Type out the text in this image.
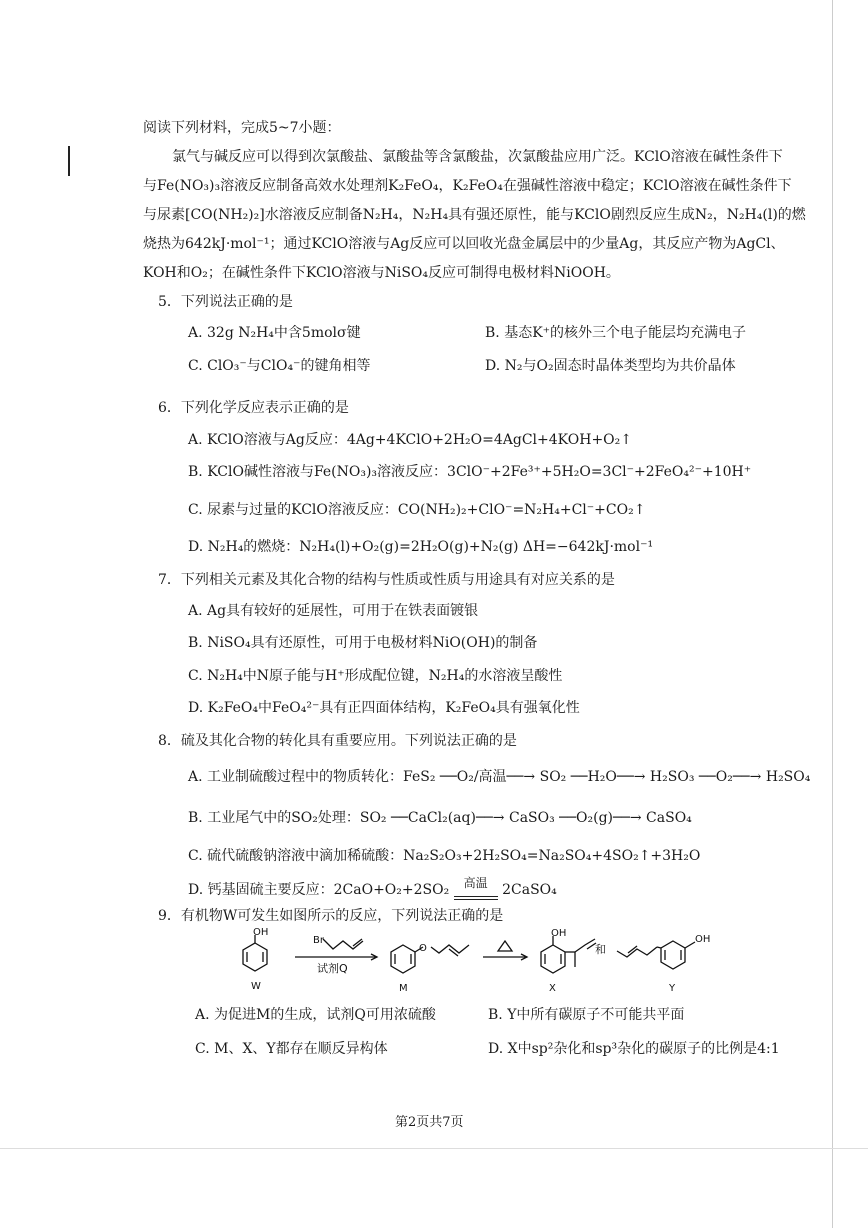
阅读下列材料，完成5~7小题：
氯气与碱反应可以得到次氯酸盐、氯酸盐等含氯酸盐，次氯酸盐应用广泛。KClO溶液在碱性条件下
与Fe(NO₃)₃溶液反应制备高效水处理剂K₂FeO₄，K₂FeO₄在强碱性溶液中稳定；KClO溶液在碱性条件下
与尿素[CO(NH₂)₂]水溶液反应制备N₂H₄，N₂H₄具有强还原性，能与KClO剧烈反应生成N₂，N₂H₄(l)的燃
烧热为642kJ·mol⁻¹；通过KClO溶液与Ag反应可以回收光盘金属层中的少量Ag，其反应产物为AgCl、
KOH和O₂；在碱性条件下KClO溶液与NiSO₄反应可制得电极材料NiOOH。
5．下列说法正确的是
A. 32g N₂H₄中含5molσ键	B. 基态K⁺的核外三个电子能层均充满电子
C. ClO₃⁻与ClO₄⁻的键角相等	D. N₂与O₂固态时晶体类型均为共价晶体
6．下列化学反应表示正确的是
A. KClO溶液与Ag反应：4Ag+4KClO+2H₂O=4AgCl+4KOH+O₂↑
B. KClO碱性溶液与Fe(NO₃)₃溶液反应：3ClO⁻+2Fe³⁺+5H₂O=3Cl⁻+2FeO₄²⁻+10H⁺
C. 尿素与过量的KClO溶液反应：CO(NH₂)₂+ClO⁻=N₂H₄+Cl⁻+CO₂↑
D. N₂H₄的燃烧：N₂H₄(l)+O₂(g)=2H₂O(g)+N₂(g) ΔH=−642kJ·mol⁻¹
7．下列相关元素及其化合物的结构与性质或性质与用途具有对应关系的是
A. Ag具有较好的延展性，可用于在铁表面镀银
B. NiSO₄具有还原性，可用于电极材料NiO(OH)的制备
C. N₂H₄中N原子能与H⁺形成配位键，N₂H₄的水溶液呈酸性
D. K₂FeO₄中FeO₄²⁻具有正四面体结构，K₂FeO₄具有强氧化性
8．硫及其化合物的转化具有重要应用。下列说法正确的是
A. 工业制硫酸过程中的物质转化：FeS₂ ──O₂/高温──→ SO₂ ──H₂O──→ H₂SO₃ ──O₂──→ H₂SO₄
B. 工业尾气中的SO₂处理：SO₂ ──CaCl₂(aq)──→ CaSO₃ ──O₂(g)──→ CaSO₄
C. 硫代硫酸钠溶液中滴加稀硫酸：Na₂S₂O₃+2H₂SO₄=Na₂SO₄+4SO₂↑+3H₂O
D. 钙基固硫主要反应：2CaO+O₂+2SO₂	高温	2CaSO₄
9．有机物W可发生如图所示的反应，下列说法正确的是
OH
Br
试剂Q
O
OH
和
OH
W	M	X	Y
A. 为促进M的生成，试剂Q可用浓硫酸	B. Y中所有碳原子不可能共平面
C. M、X、Y都存在顺反异构体	D. X中sp²杂化和sp³杂化的碳原子的比例是4:1
第2页共7页
